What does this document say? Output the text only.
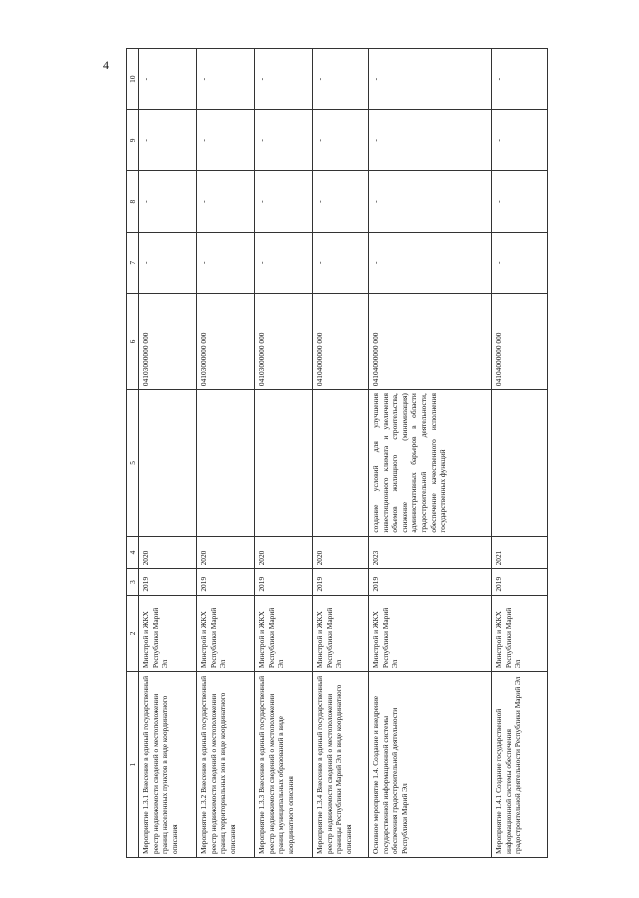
4
1	2	3	4	5	6	7	8	9	10
Мероприятие 1.3.1 Внесение в единый государственный реестр недвижимости сведений о местоположении границ населенных пунктов в виде координатного описания	Минстрой и ЖКХ Республики Марий Эл	2019	2020		04103000000 000	-	-	-	-
Мероприятие 1.3.2 Внесение в единый государственный реестр недвижимости сведений о местоположении границ территориальных зон в виде координатного описания	Минстрой и ЖКХ Республики Марий Эл	2019	2020		04103000000 000	-	-	-	-
Мероприятие 1.3.3 Внесение в единый государственный реестр недвижимости сведений о местоположении границ муниципальных образований в виде координатного описания	Минстрой и ЖКХ Республики Марий Эл	2019	2020		04103000000 000	-	-	-	-
Мероприятие 1.3.4 Внесение в единый государственный реестр недвижимости сведений о местоположении границы Республики Марий Эл в виде координатного описания	Минстрой и ЖКХ Республики Марий Эл	2019	2020		04104000000 000	-	-	-	-
Основное мероприятие 1.4. Создание и внедрение государственной информационной системы обеспечения градостроительной деятельности Республики Марий Эл	Минстрой и ЖКХ Республики Марий Эл	2019	2023	создание условий для улучшения инвестиционного климата и увеличения объемов жилищного строительства, снижение (минимизация) административных барьеров в области градостроительной деятельности, обеспечение качественного исполнения государственных функций	04104000000 000	-	-	-	-
Мероприятие 1.4.1 Создание государственной информационной системы обеспечения градостроительной деятельности Республики Марий Эл	Минстрой и ЖКХ Республики Марий Эл	2019	2021		04104000000 000	-	-	-	-
